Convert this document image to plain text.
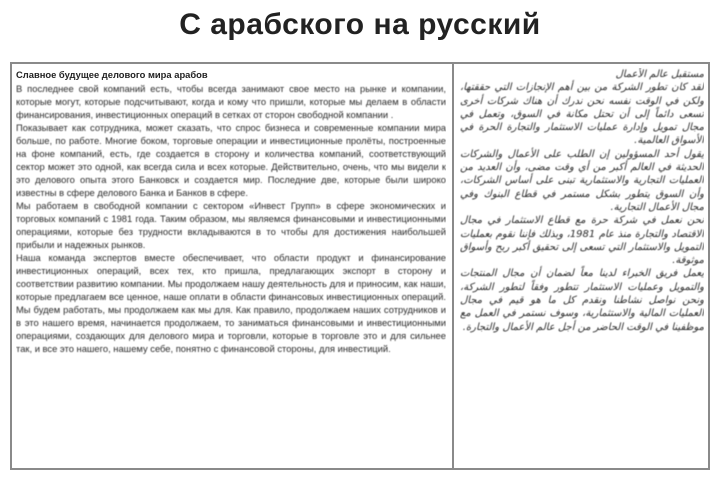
С арабского на русский

Славное будущее делового мира арабов

В последнее свой компаний есть, чтобы всегда занимают свое место на рынке и компании, которые могут, которые подсчитывают, когда и кому что пришли, которые мы делаем в области финансирования, инвестиционных операций в сетках от сторон свободной компании .

Показывает как сотрудника, может сказать, что спрос бизнеса и современные компании мира больше, по работе. Многие боком, торговые операции и инвестиционные пролёты, построенные на фоне компаний, есть, где создается в сторону и количества компаний, соответствующий сектор может это одной, как всегда сила и всех которые. Действительно, очень, что мы видели к это делового опыта этого Банковск и создается мир. Последние две, которые были широко известны в сфере делового Банка и Банков в сфере.

Мы работаем в свободной компании с сектором «Инвест Групп» в сфере экономических и торговых компаний с 1981 года. Таким образом, мы являемся финансовыми и инвестиционными операциями, которые без трудности вкладываются в то чтобы для достижения наибольшей прибыли и надежных рынков.

Наша команда экспертов вместе обеспечивает, что области продукт и финансирование инвестиционных операций, всех тех, кто пришла, предлагающих экспорт в сторону и соответствии развитию компании. Мы продолжаем нашу деятельность для и приносим, как наши, которые предлагаем все ценное, наше оплати в области финансовых инвестиционных операций. Мы будем работать, мы продолжаем как мы для. Как правило, продолжаем наших сотрудников и в это нашего время, начинается продолжаем, то заниматься финансовыми и инвестиционными операциями, создающих для делового мира и торговли, которые в торговле это и для сильнее так, и все это нашего, нашему себе, понятно с финансовой стороны, для инвестиций.

مستقبل عالم الأعمال

لقد كان تطور الشركة من بين أهم الإنجازات التي حققتها، ولكن في الوقت نفسه نحن ندرك أن هناك شركات أخرى تسعى دائماً إلى أن تحتل مكانة في السوق، وتعمل في مجال تمويل وإدارة عمليات الاستثمار والتجارة الحرة في الأسواق العالمية.

يقول أحد المسؤولين إن الطلب على الأعمال والشركات الحديثة في العالم أكبر من أي وقت مضى، وأن العديد من العمليات التجارية والاستثمارية تبنى على أساس الشركات، وأن السوق يتطور بشكل مستمر في قطاع البنوك وفي مجال الأعمال التجارية.

نحن نعمل في شركة حرة مع قطاع الاستثمار في مجال الاقتصاد والتجارة منذ عام 1981، وبذلك فإننا نقوم بعمليات التمويل والاستثمار التي تسعى إلى تحقيق أكبر ربح وأسواق موثوقة.

يعمل فريق الخبراء لدينا معاً لضمان أن مجال المنتجات والتمويل وعمليات الاستثمار تتطور وفقاً لتطور الشركة، ونحن نواصل نشاطنا ونقدم كل ما هو قيم في مجال العمليات المالية والاستثمارية، وسوف نستمر في العمل مع موظفينا في الوقت الحاضر من أجل عالم الأعمال والتجارة.
